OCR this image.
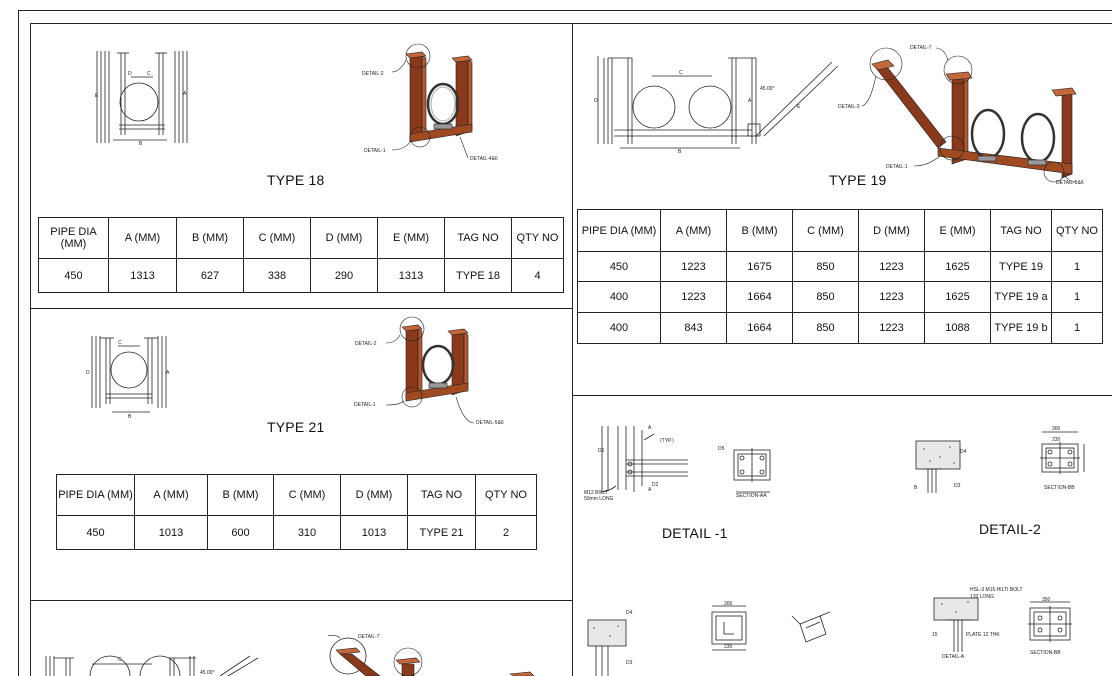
D	C
E	A
B
DETAIL-2
DETAIL-1
DETAIL-4&6
TYPE 18
PIPE DIA (MM)	A (MM)	B (MM)	C (MM)	D (MM)	E (MM)	TAG NO	QTY NO
450	1313	627	338	290	1313	TYPE 18	4
C
D	A
B
E
45.00°
DETAIL-7
DETAIL-3
DETAIL-1
DETAIL-5&6
TYPE 19
PIPE DIA (MM)	A (MM)	B (MM)	C (MM)	D (MM)	E (MM)	TAG NO	QTY NO
450	1223	1675	850	1223	1625	TYPE 19	1
400	1223	1664	850	1223	1625	TYPE 19 a	1
400	843	1664	850	1223	1088	TYPE 19 b	1
C
D	A
B
DETAIL-2
DETAIL-1
DETAIL-5&6
TYPE 21
PIPE DIA (MM)	A (MM)	B (MM)	C (MM)	D (MM)	TAG NO	QTY NO
450	1013	600	310	1013	TYPE 21	2
C
45.00°
DETAIL-7
A
A
(TYP.)
M12 BOLT
50mm LONG
D1
D2
D5
SECTION-AA
DETAIL -1
D4
D3
B
300
230
SECTION-BB
DETAIL-2
D4
D3
300
230
HSL-3 M16 HILTI BOLT
170 LONG
PLATE 12 THK
DETAIL-A
15
350
SECTION-BB
